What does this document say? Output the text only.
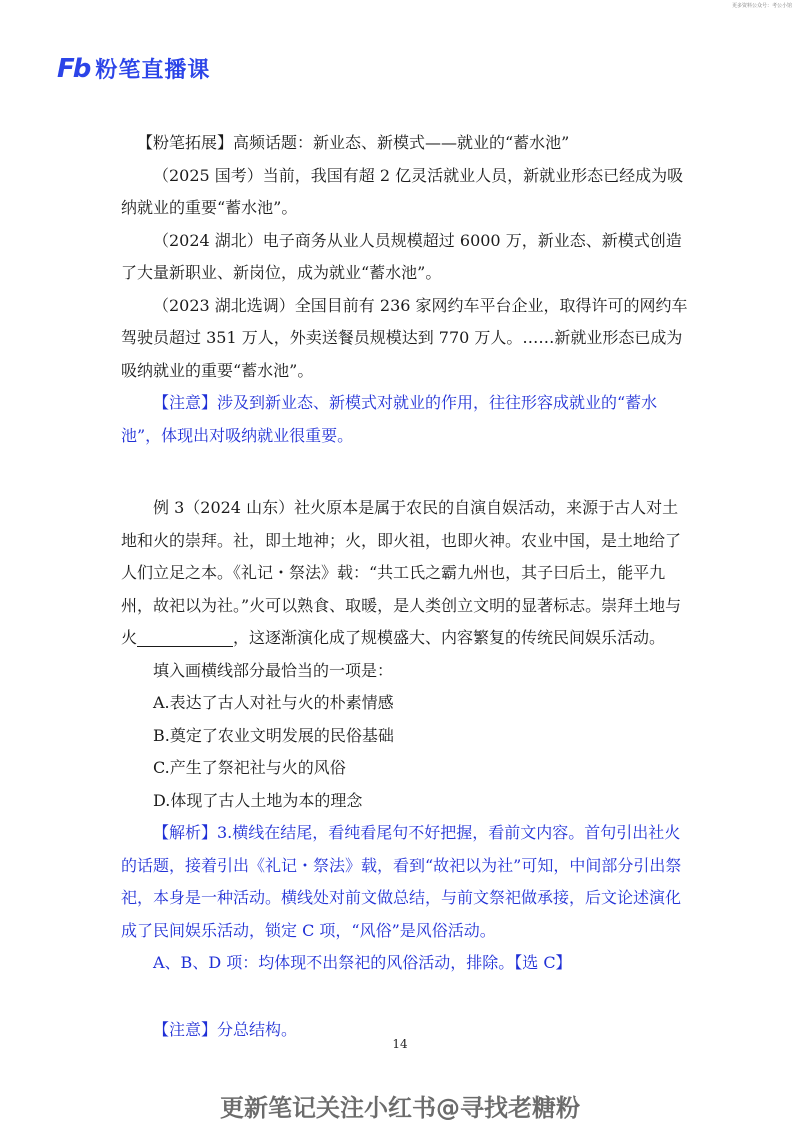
更多资料公众号：考公小馆
Fb 粉笔直播课

【粉笔拓展】高频话题：新业态、新模式——就业的“蓄水池”

（2025 国考）当前，我国有超 2 亿灵活就业人员，新就业形态已经成为吸纳就业的重要“蓄水池”。

（2024 湖北）电子商务从业人员规模超过 6000 万，新业态、新模式创造了大量新职业、新岗位，成为就业“蓄水池”。

（2023 湖北选调）全国目前有 236 家网约车平台企业，取得许可的网约车驾驶员超过 351 万人，外卖送餐员规模达到 770 万人。……新就业形态已成为吸纳就业的重要“蓄水池”。

【注意】涉及到新业态、新模式对就业的作用，往往形容成就业的“蓄水池”，体现出对吸纳就业很重要。

例 3（2024 山东）社火原本是属于农民的自演自娱活动，来源于古人对土地和火的崇拜。社，即土地神；火，即火祖，也即火神。农业中国，是土地给了人们立足之本。《礼记・祭法》载：“共工氏之霸九州也，其子曰后土，能平九州，故祀以为社。”火可以熟食、取暖，是人类创立文明的显著标志。崇拜土地与火	，这逐渐演化成了规模盛大、内容繁复的传统民间娱乐活动。

填入画横线部分最恰当的一项是：

A.表达了古人对社与火的朴素情感

B.奠定了农业文明发展的民俗基础

C.产生了祭祀社与火的风俗

D.体现了古人土地为本的理念

【解析】3.横线在结尾，看纯看尾句不好把握，看前文内容。首句引出社火的话题，接着引出《礼记・祭法》载，看到“故祀以为社”可知，中间部分引出祭祀，本身是一种活动。横线处对前文做总结，与前文祭祀做承接，后文论述演化成了民间娱乐活动，锁定 C 项，“风俗”是风俗活动。

A、B、D 项：均体现不出祭祀的风俗活动，排除。【选 C】

【注意】分总结构。

14
更新笔记关注小红书@寻找老糖粉
